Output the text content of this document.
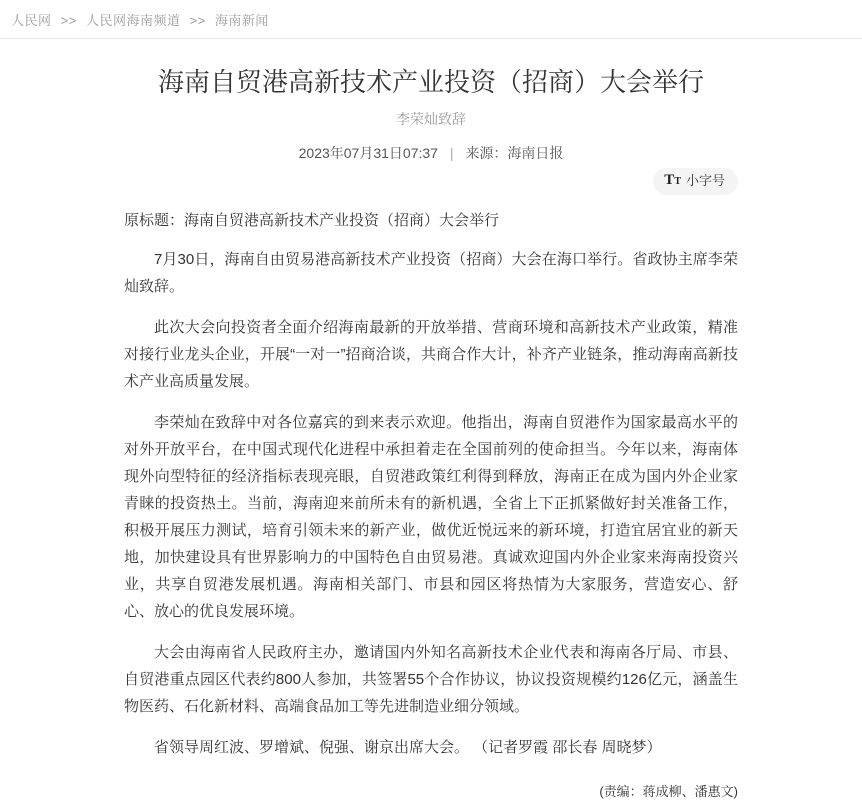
人民网 >> 人民网海南频道 >> 海南新闻
海南自贸港高新技术产业投资（招商）大会举行
李荣灿致辞
2023年07月31日07:37 | 来源：海南日报
T T 小字号
原标题：海南自贸港高新技术产业投资（招商）大会举行

7月30日，海南自由贸易港高新技术产业投资（招商）大会在海口举行。省政协主席李荣灿致辞。

此次大会向投资者全面介绍海南最新的开放举措、营商环境和高新技术产业政策，精准对接行业龙头企业，开展“一对一”招商洽谈，共商合作大计，补齐产业链条，推动海南高新技术产业高质量发展。

李荣灿在致辞中对各位嘉宾的到来表示欢迎。他指出，海南自贸港作为国家最高水平的对外开放平台，在中国式现代化进程中承担着走在全国前列的使命担当。今年以来，海南体现外向型特征的经济指标表现亮眼，自贸港政策红利得到释放，海南正在成为国内外企业家青睐的投资热土。当前，海南迎来前所未有的新机遇，全省上下正抓紧做好封关准备工作，积极开展压力测试，培育引领未来的新产业，做优近悦远来的新环境，打造宜居宜业的新天地，加快建设具有世界影响力的中国特色自由贸易港。真诚欢迎国内外企业家来海南投资兴业，共享自贸港发展机遇。海南相关部门、市县和园区将热情为大家服务，营造安心、舒心、放心的优良发展环境。

大会由海南省人民政府主办，邀请国内外知名高新技术企业代表和海南各厅局、市县、自贸港重点园区代表约800人参加，共签署55个合作协议，协议投资规模约126亿元，涵盖生物医药、石化新材料、高端食品加工等先进制造业细分领域。

省领导周红波、罗增斌、倪强、谢京出席大会。 （记者罗霞 邵长春 周晓梦）

(责编：蒋成柳、潘惠文)
